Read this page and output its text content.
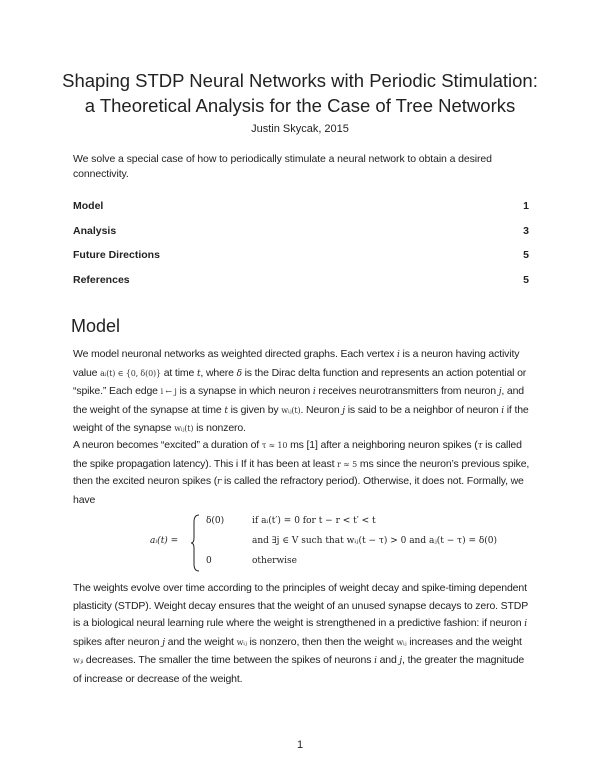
Shaping STDP Neural Networks with Periodic Stimulation:
a Theoretical Analysis for the Case of Tree Networks
Justin Skycak, 2015
We solve a special case of how to periodically stimulate a neural network to obtain a desired connectivity.
Model	1
Analysis	3
Future Directions	5
References	5
Model
We model neuronal networks as weighted directed graphs. Each vertex i is a neuron having activity value aᵢ(t) ∈ {0, δ(0)} at time t, where δ is the Dirac delta function and represents an action potential or “spike.” Each edge i ← j is a synapse in which neuron i receives neurotransmitters from neuron j, and the weight of the synapse at time t is given by wᵢⱼ(t). Neuron j is said to be a neighbor of neuron i if the weight of the synapse wᵢⱼ(t) is nonzero.
A neuron becomes “excited” a duration of τ ≈ 10 ms [1] after a neighboring neuron spikes (τ is called the spike propagation latency). This i If it has been at least r ≈ 5 ms since the neuron’s previous spike, then the excited neuron spikes (r is called the refractory period). Otherwise, it does not. Formally, we have
aᵢ(t) =
δ(0)	if aᵢ(t′) = 0 for t − r < t′ < t
and ∃j ∈ V such that wᵢⱼ(t − τ) > 0 and aⱼ(t − τ) = δ(0)
0	otherwise
The weights evolve over time according to the principles of weight decay and spike-timing dependent plasticity (STDP). Weight decay ensures that the weight of an unused synapse decays to zero. STDP is a biological neural learning rule where the weight is strengthened in a predictive fashion: if neuron i spikes after neuron j and the weight wᵢⱼ is nonzero, then then the weight wᵢⱼ increases and the weight wⱼᵢ decreases. The smaller the time between the spikes of neurons i and j, the greater the magnitude of increase or decrease of the weight.
1
